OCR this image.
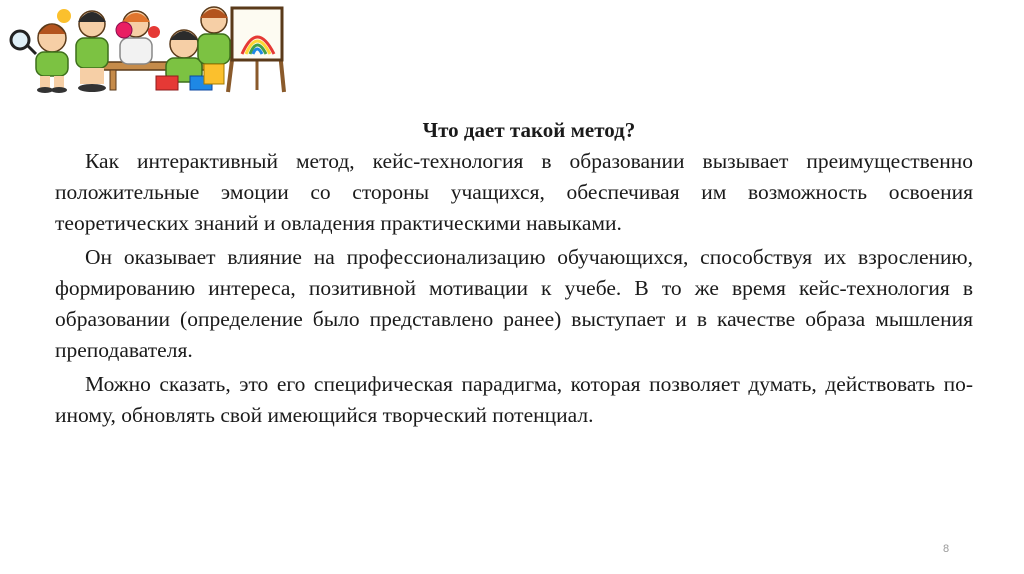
Что дает такой метод?

Как интерактивный метод, кейс-технология в образовании вызывает преимущественно положительные эмоции со стороны учащихся, обеспечивая им возможность освоения теоретических знаний и овладения практическими навыками.

Он оказывает влияние на профессионализацию обучающихся, способствуя их взрослению, формированию интереса, позитивной мотивации к учебе. В то же время кейс-технология в образовании (определение было представлено ранее) выступает и в качестве образа мышления преподавателя.

Можно сказать, это его специфическая парадигма, которая позволяет думать, действовать по-иному, обновлять свой имеющийся творческий потенциал.

8
